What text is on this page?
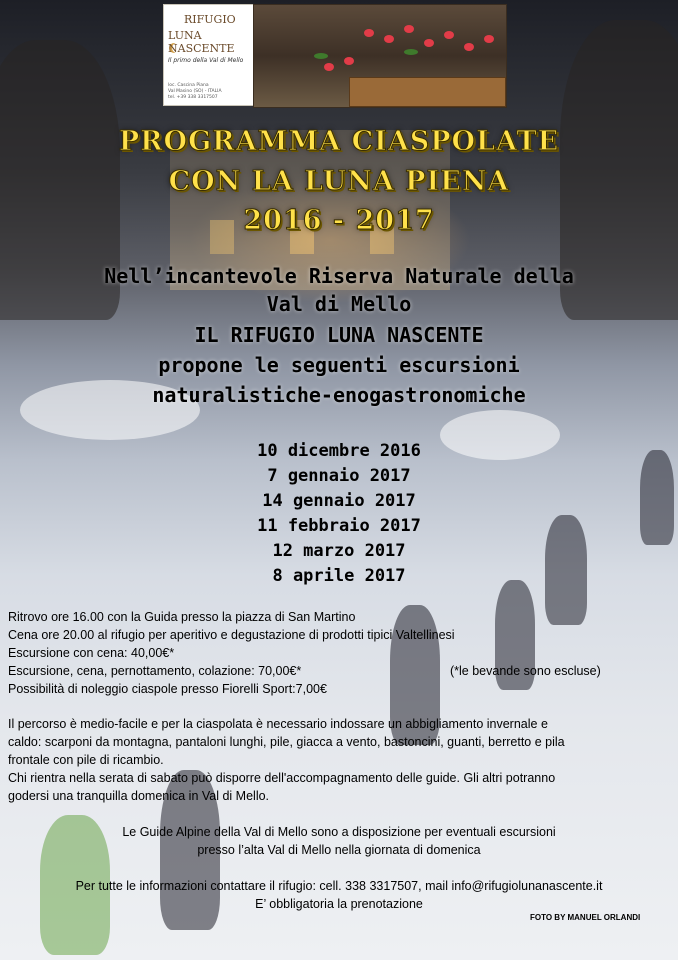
RIFUGIO
LUNA NASCENTE
Il primo della Val di Mello
loc. Cascina Piana
Val Masino (SO) - ITALIA
tel. +39 338 3317507
PROGRAMMA CIASPOLATE
CON LA LUNA PIENA
2016 - 2017
Nell’incantevole Riserva Naturale della
Val di Mello
IL RIFUGIO LUNA NASCENTE
propone le seguenti escursioni
naturalistiche-enogastronomiche
10 dicembre 2016
7 gennaio 2017
14 gennaio 2017
11 febbraio 2017
12 marzo 2017
8 aprile 2017
Ritrovo ore 16.00 con la Guida presso la piazza di San Martino
Cena ore 20.00 al rifugio per aperitivo e degustazione di prodotti tipici Valtellinesi
Escursione con cena: 40,00€*
Escursione, cena, pernottamento, colazione: 70,00€*	(*le bevande sono escluse)
Possibilità di noleggio ciaspole presso Fiorelli Sport:7,00€
Il percorso è medio-facile e per la ciaspolata è necessario indossare un abbigliamento invernale e
caldo: scarponi da montagna, pantaloni lunghi, pile, giacca a vento, bastoncini, guanti, berretto e pila
frontale con pile di ricambio.
Chi rientra nella serata di sabato può disporre dell'accompagnamento delle guide. Gli altri potranno
godersi una tranquilla domenica in Val di Mello.
Le Guide Alpine della Val di Mello sono a disposizione per eventuali escursioni
presso l’alta Val di Mello nella giornata di domenica
Per tutte le informazioni contattare il rifugio: cell. 338 3317507, mail info@rifugiolunanascente.it
E’ obbligatoria la prenotazione
FOTO BY MANUEL ORLANDI
